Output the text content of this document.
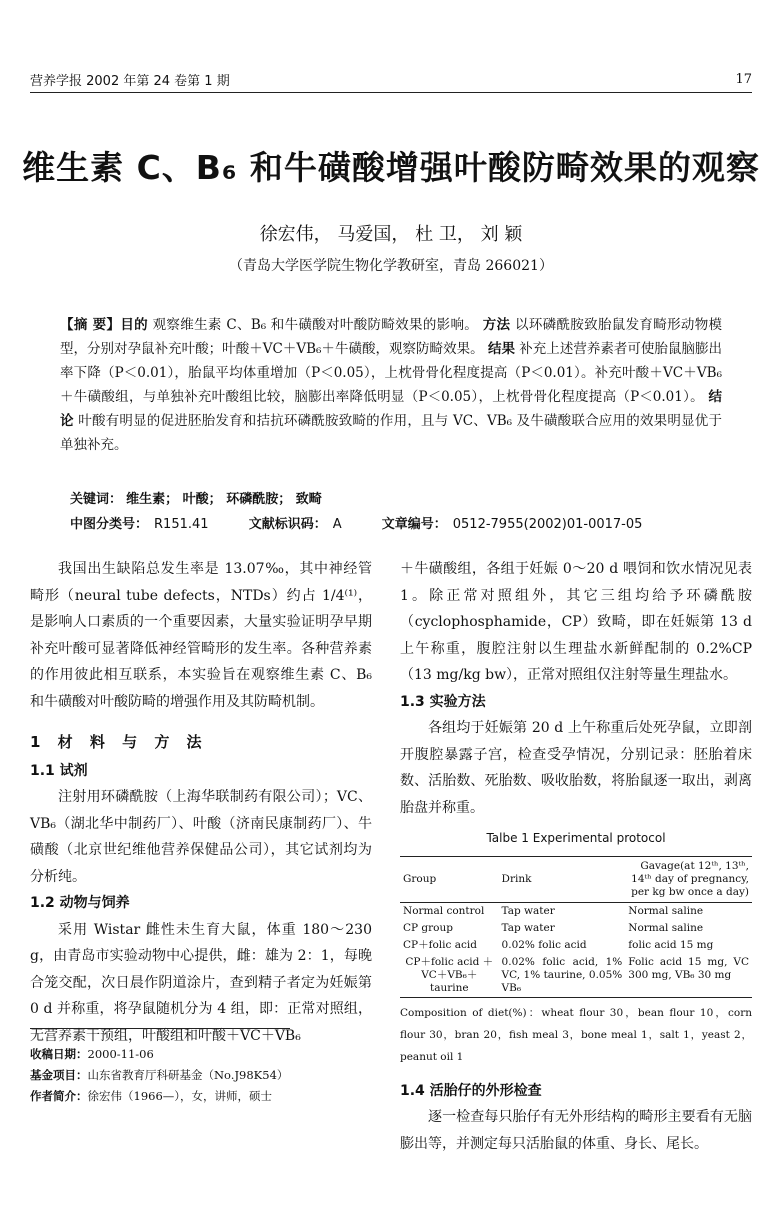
营养学报 2002 年第 24 卷第 1 期	17
维生素 C、B₆ 和牛磺酸增强叶酸防畸效果的观察
徐宏伟， 马爱国， 杜 卫， 刘 颖
（青岛大学医学院生物化学教研室，青岛 266021）
【摘 要】目的 观察维生素 C、B₆ 和牛磺酸对叶酸防畸效果的影响。 方法 以环磷酰胺致胎鼠发育畸形动物模型，分别对孕鼠补充叶酸；叶酸＋VC＋VB₆＋牛磺酸，观察防畸效果。 结果 补充上述营养素者可使胎鼠脑膨出率下降（P＜0.01），胎鼠平均体重增加（P＜0.05），上枕骨骨化程度提高（P＜0.01）。补充叶酸＋VC＋VB₆＋牛磺酸组，与单独补充叶酸组比较，脑膨出率降低明显（P＜0.05），上枕骨骨化程度提高（P＜0.01）。 结论 叶酸有明显的促进胚胎发育和拮抗环磷酰胺致畸的作用，且与 VC、VB₆ 及牛磺酸联合应用的效果明显优于单独补充。
关键词： 维生素； 叶酸； 环磷酰胺； 致畸
中图分类号： R151.41	文献标识码： A	文章编号： 0512-7955(2002)01-0017-05

我国出生缺陷总发生率是 13.07‰，其中神经管畸形（neural tube defects，NTDs）约占 1/4⁽¹⁾，是影响人口素质的一个重要因素，大量实验证明孕早期补充叶酸可显著降低神经管畸形的发生率。各种营养素的作用彼此相互联系，本实验旨在观察维生素 C、B₆ 和牛磺酸对叶酸防畸的增强作用及其防畸机制。

1 材 料 与 方 法

1.1 试剂

注射用环磷酰胺（上海华联制药有限公司）；VC、VB₆（湖北华中制药厂）、叶酸（济南民康制药厂）、牛磺酸（北京世纪维他营养保健品公司），其它试剂均为分析纯。

1.2 动物与饲养

采用 Wistar 雌性未生育大鼠，体重 180～230 g，由青岛市实验动物中心提供，雌：雄为 2：1，每晚合笼交配，次日晨作阴道涂片，查到精子者定为妊娠第 0 d 并称重，将孕鼠随机分为 4 组，即：正常对照组，无营养素干预组，叶酸组和叶酸＋VC＋VB₆

＋牛磺酸组，各组于妊娠 0～20 d 喂饲和饮水情况见表 1。除正常对照组外，其它三组均给予环磷酰胺（cyclophosphamide，CP）致畸，即在妊娠第 13 d 上午称重，腹腔注射以生理盐水新鲜配制的 0.2%CP（13 mg/kg bw），正常对照组仅注射等量生理盐水。

1.3 实验方法

各组均于妊娠第 20 d 上午称重后处死孕鼠，立即剖开腹腔暴露子宫，检查受孕情况，分别记录：胚胎着床数、活胎数、死胎数、吸收胎数，将胎鼠逐一取出，剥离胎盘并称重。

Talbe 1 Experimental protocol

Group	Drink	Gavage(at 12ᵗʰ, 13ᵗʰ, 14ᵗʰ day of pregnancy, per kg bw once a day)
Normal control	Tap water	Normal saline
CP group	Tap water	Normal saline
CP＋folic acid	0.02% folic acid	folic acid 15 mg
CP＋folic acid ＋VC＋VB₆＋taurine	0.02% folic acid, 1% VC, 1% taurine, 0.05% VB₆	Folic acid 15 mg, VC 300 mg, VB₆ 30 mg

Composition of diet(%)：wheat flour 30，bean flour 10，corn flour 30，bran 20，fish meal 3，bone meal 1，salt 1，yeast 2，peanut oil 1

1.4 活胎仔的外形检查

逐一检查每只胎仔有无外形结构的畸形主要看有无脑膨出等，并测定每只活胎鼠的体重、身长、尾长。

收稿日期：2000-11-06
基金项目：山东省教育厅科研基金（No.J98K54）
作者简介：徐宏伟（1966—），女，讲师，硕士
